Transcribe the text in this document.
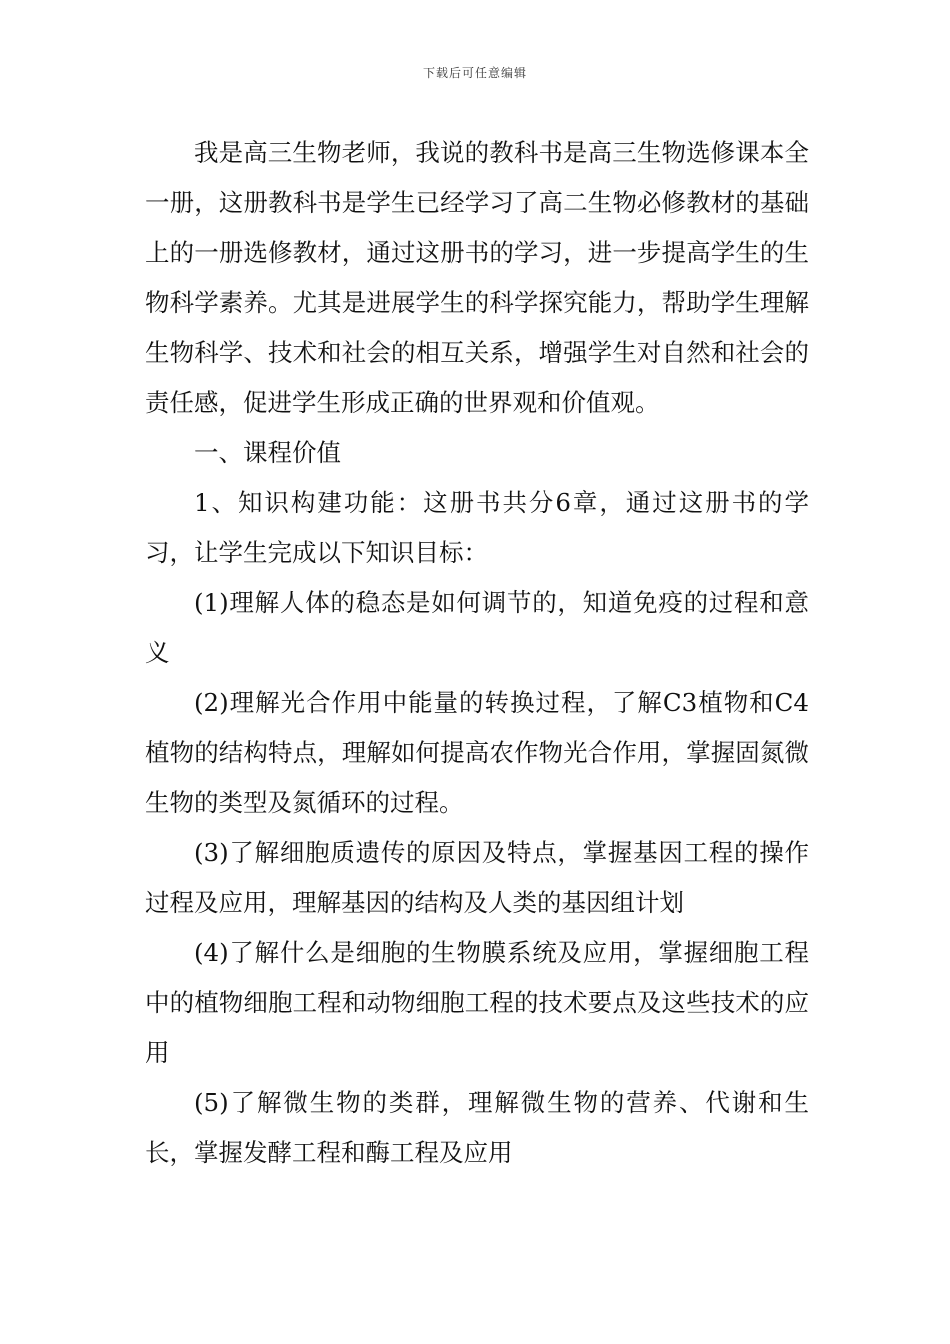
下载后可任意编辑

我是高三生物老师，我说的教科书是高三生物选修课本全一册，这册教科书是学生已经学习了高二生物必修教材的基础上的一册选修教材，通过这册书的学习，进一步提高学生的生物科学素养。尤其是进展学生的科学探究能力，帮助学生理解生物科学、技术和社会的相互关系，增强学生对自然和社会的责任感，促进学生形成正确的世界观和价值观。

一、课程价值

1、知识构建功能：这册书共分6章，通过这册书的学习，让学生完成以下知识目标：

(1)理解人体的稳态是如何调节的，知道免疫的过程和意义

(2)理解光合作用中能量的转换过程，了解C3植物和C4植物的结构特点，理解如何提高农作物光合作用，掌握固氮微生物的类型及氮循环的过程。

(3)了解细胞质遗传的原因及特点，掌握基因工程的操作过程及应用，理解基因的结构及人类的基因组计划

(4)了解什么是细胞的生物膜系统及应用，掌握细胞工程中的植物细胞工程和动物细胞工程的技术要点及这些技术的应用

(5)了解微生物的类群，理解微生物的营养、代谢和生长，掌握发酵工程和酶工程及应用
